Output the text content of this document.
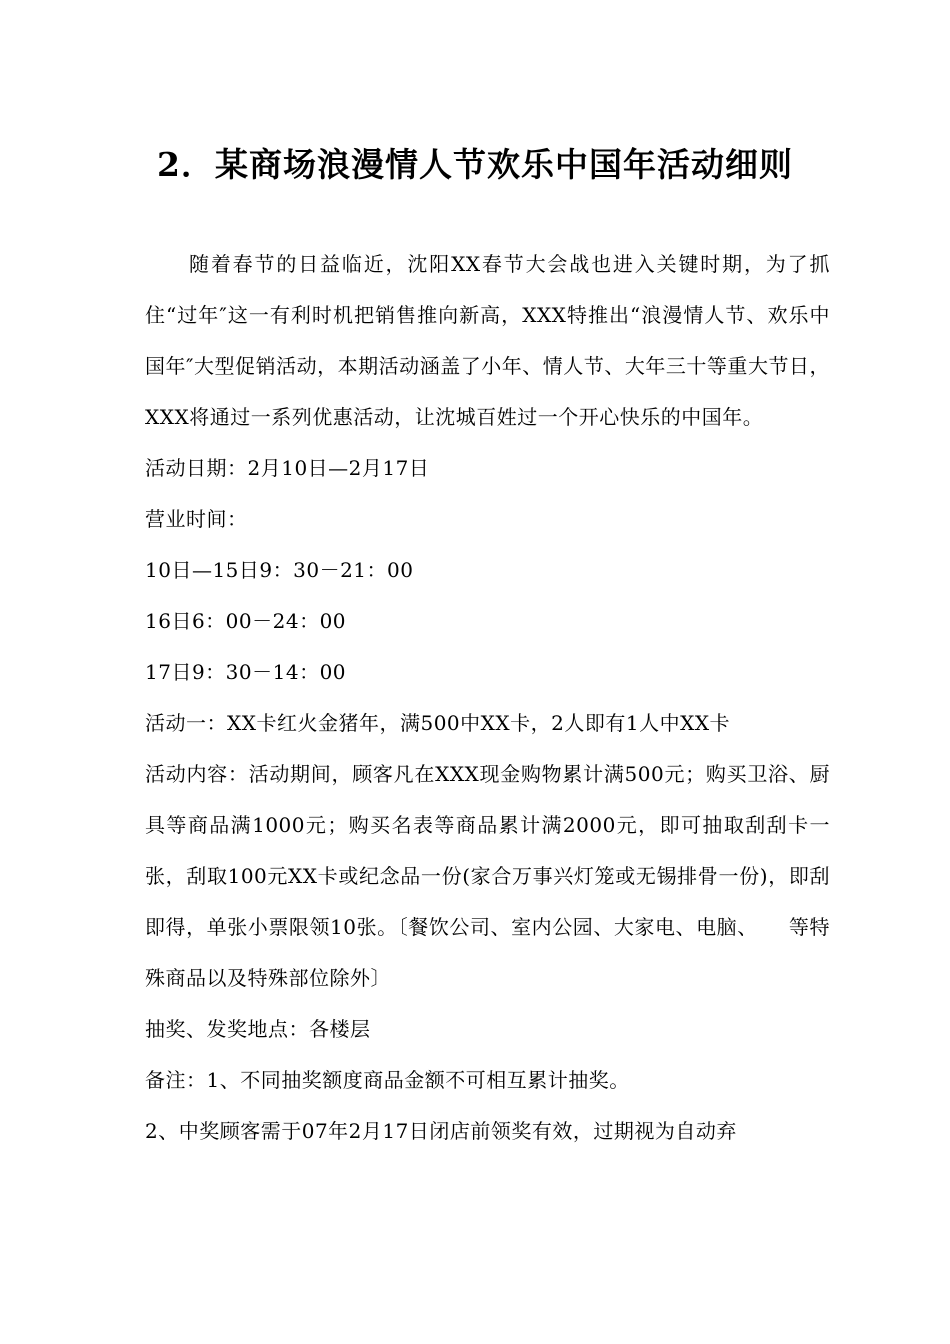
2．某商场浪漫情人节欢乐中国年活动细则

随着春节的日益临近，沈阳XX春节大会战也进入关键时期，为了抓住“过年″这一有利时机把销售推向新高，XXX特推出“浪漫情人节、欢乐中国年″大型促销活动，本期活动涵盖了小年、情人节、大年三十等重大节日，XXX将通过一系列优惠活动，让沈城百姓过一个开心快乐的中国年。

活动日期：2月10日—2月17日

营业时间：

10日—15日9：30－21：00

16日6：00－24：00

17日9：30－14：00

活动一：XX卡红火金猪年，满500中XX卡，2人即有1人中XX卡

活动内容：活动期间，顾客凡在XXX现金购物累计满500元；购买卫浴、厨具等商品满1000元；购买名表等商品累计满2000元，即可抽取刮刮卡一张，刮取100元XX卡或纪念品一份(家合万事兴灯笼或无锡排骨一份)，即刮即得，单张小票限领10张。〔餐饮公司、室内公园、大家电、电脑、　　等特殊商品以及特殊部位除外〕

抽奖、发奖地点：各楼层

备注：1、不同抽奖额度商品金额不可相互累计抽奖。

2、中奖顾客需于07年2月17日闭店前领奖有效，过期视为自动弃
